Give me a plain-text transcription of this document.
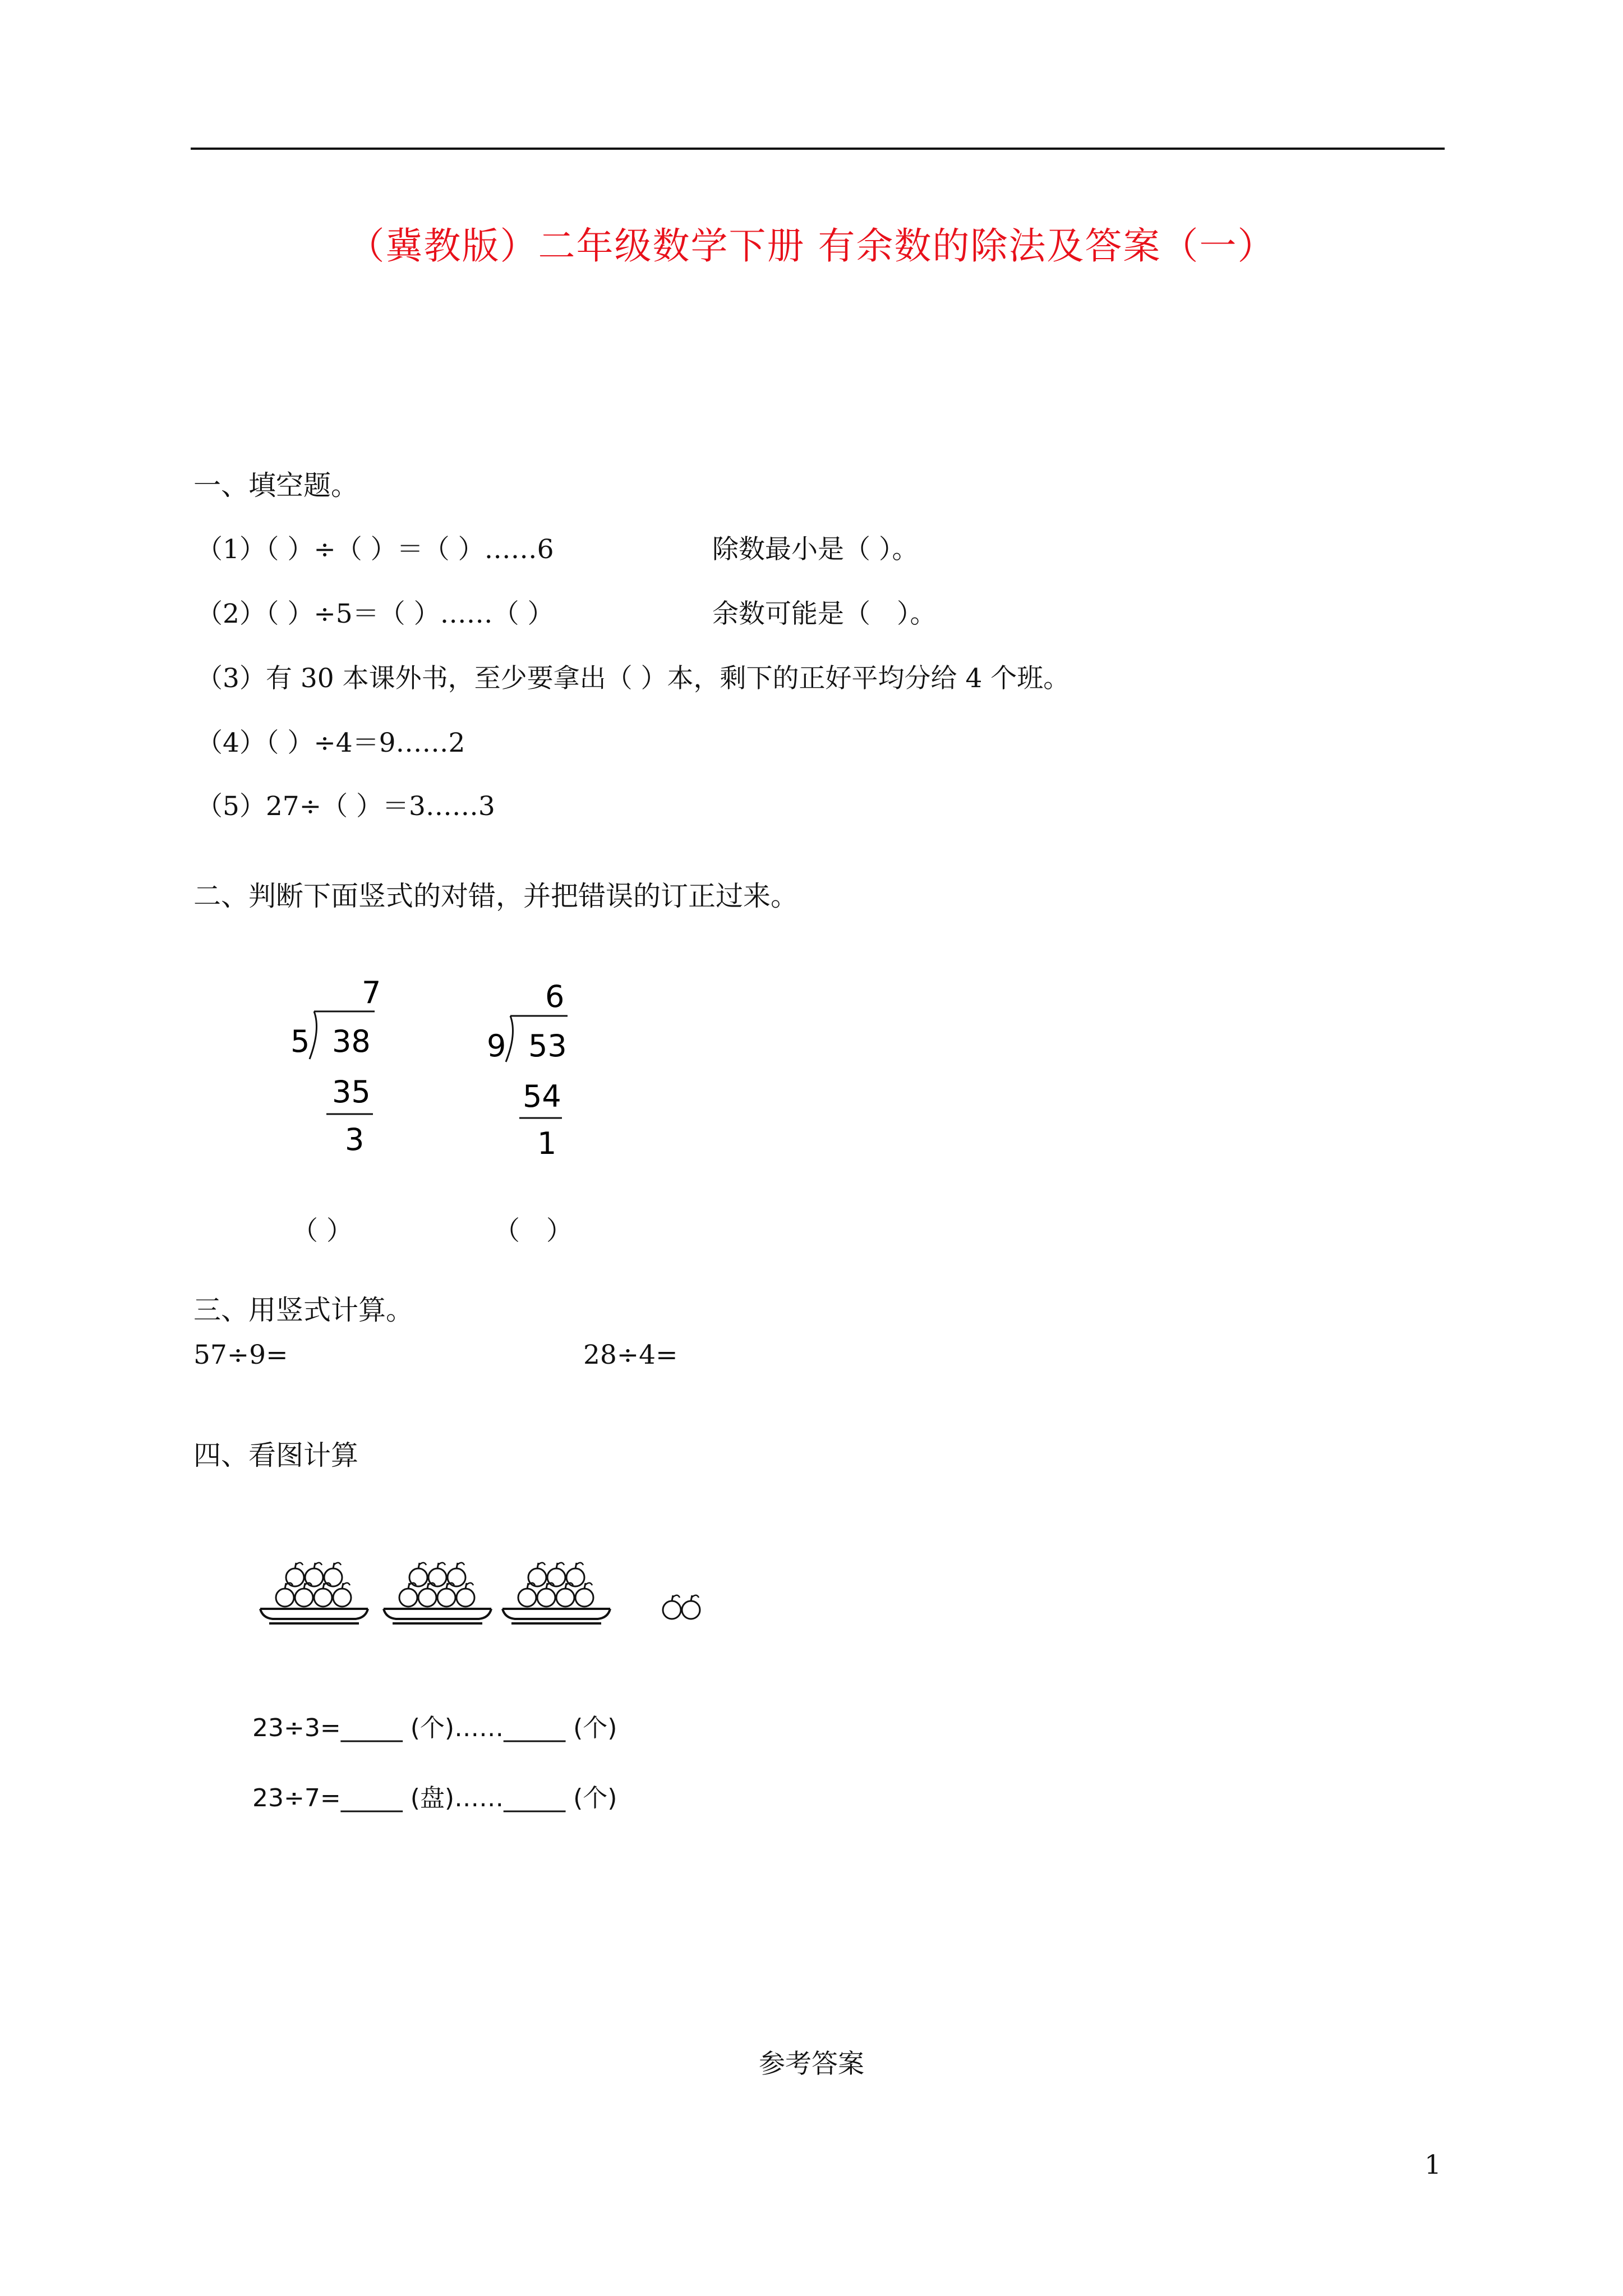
（冀教版）二年级数学下册 有余数的除法及答案（一）
一、填空题。
（1）（ ）÷（ ）＝（ ）……6	除数最小是（ ）。
（2）（ ）÷5＝（ ）……（ ）	余数可能是（　）。
（3）有 30 本课外书，至少要拿出（ ）本，剩下的正好平均分给 4 个班。
（4）（ ）÷4＝9……2
（5）27÷（ ）＝3……3
二、判断下面竖式的对错，并把错误的订正过来。
7
5 38
35
3
6
9 53
54
1
（ ）	（　）
三、用竖式计算。
57÷9=	28÷4=
四、看图计算
23÷3=_____ (个)……_____ (个)
23÷7=_____ (盘)……_____ (个)
参考答案
1
